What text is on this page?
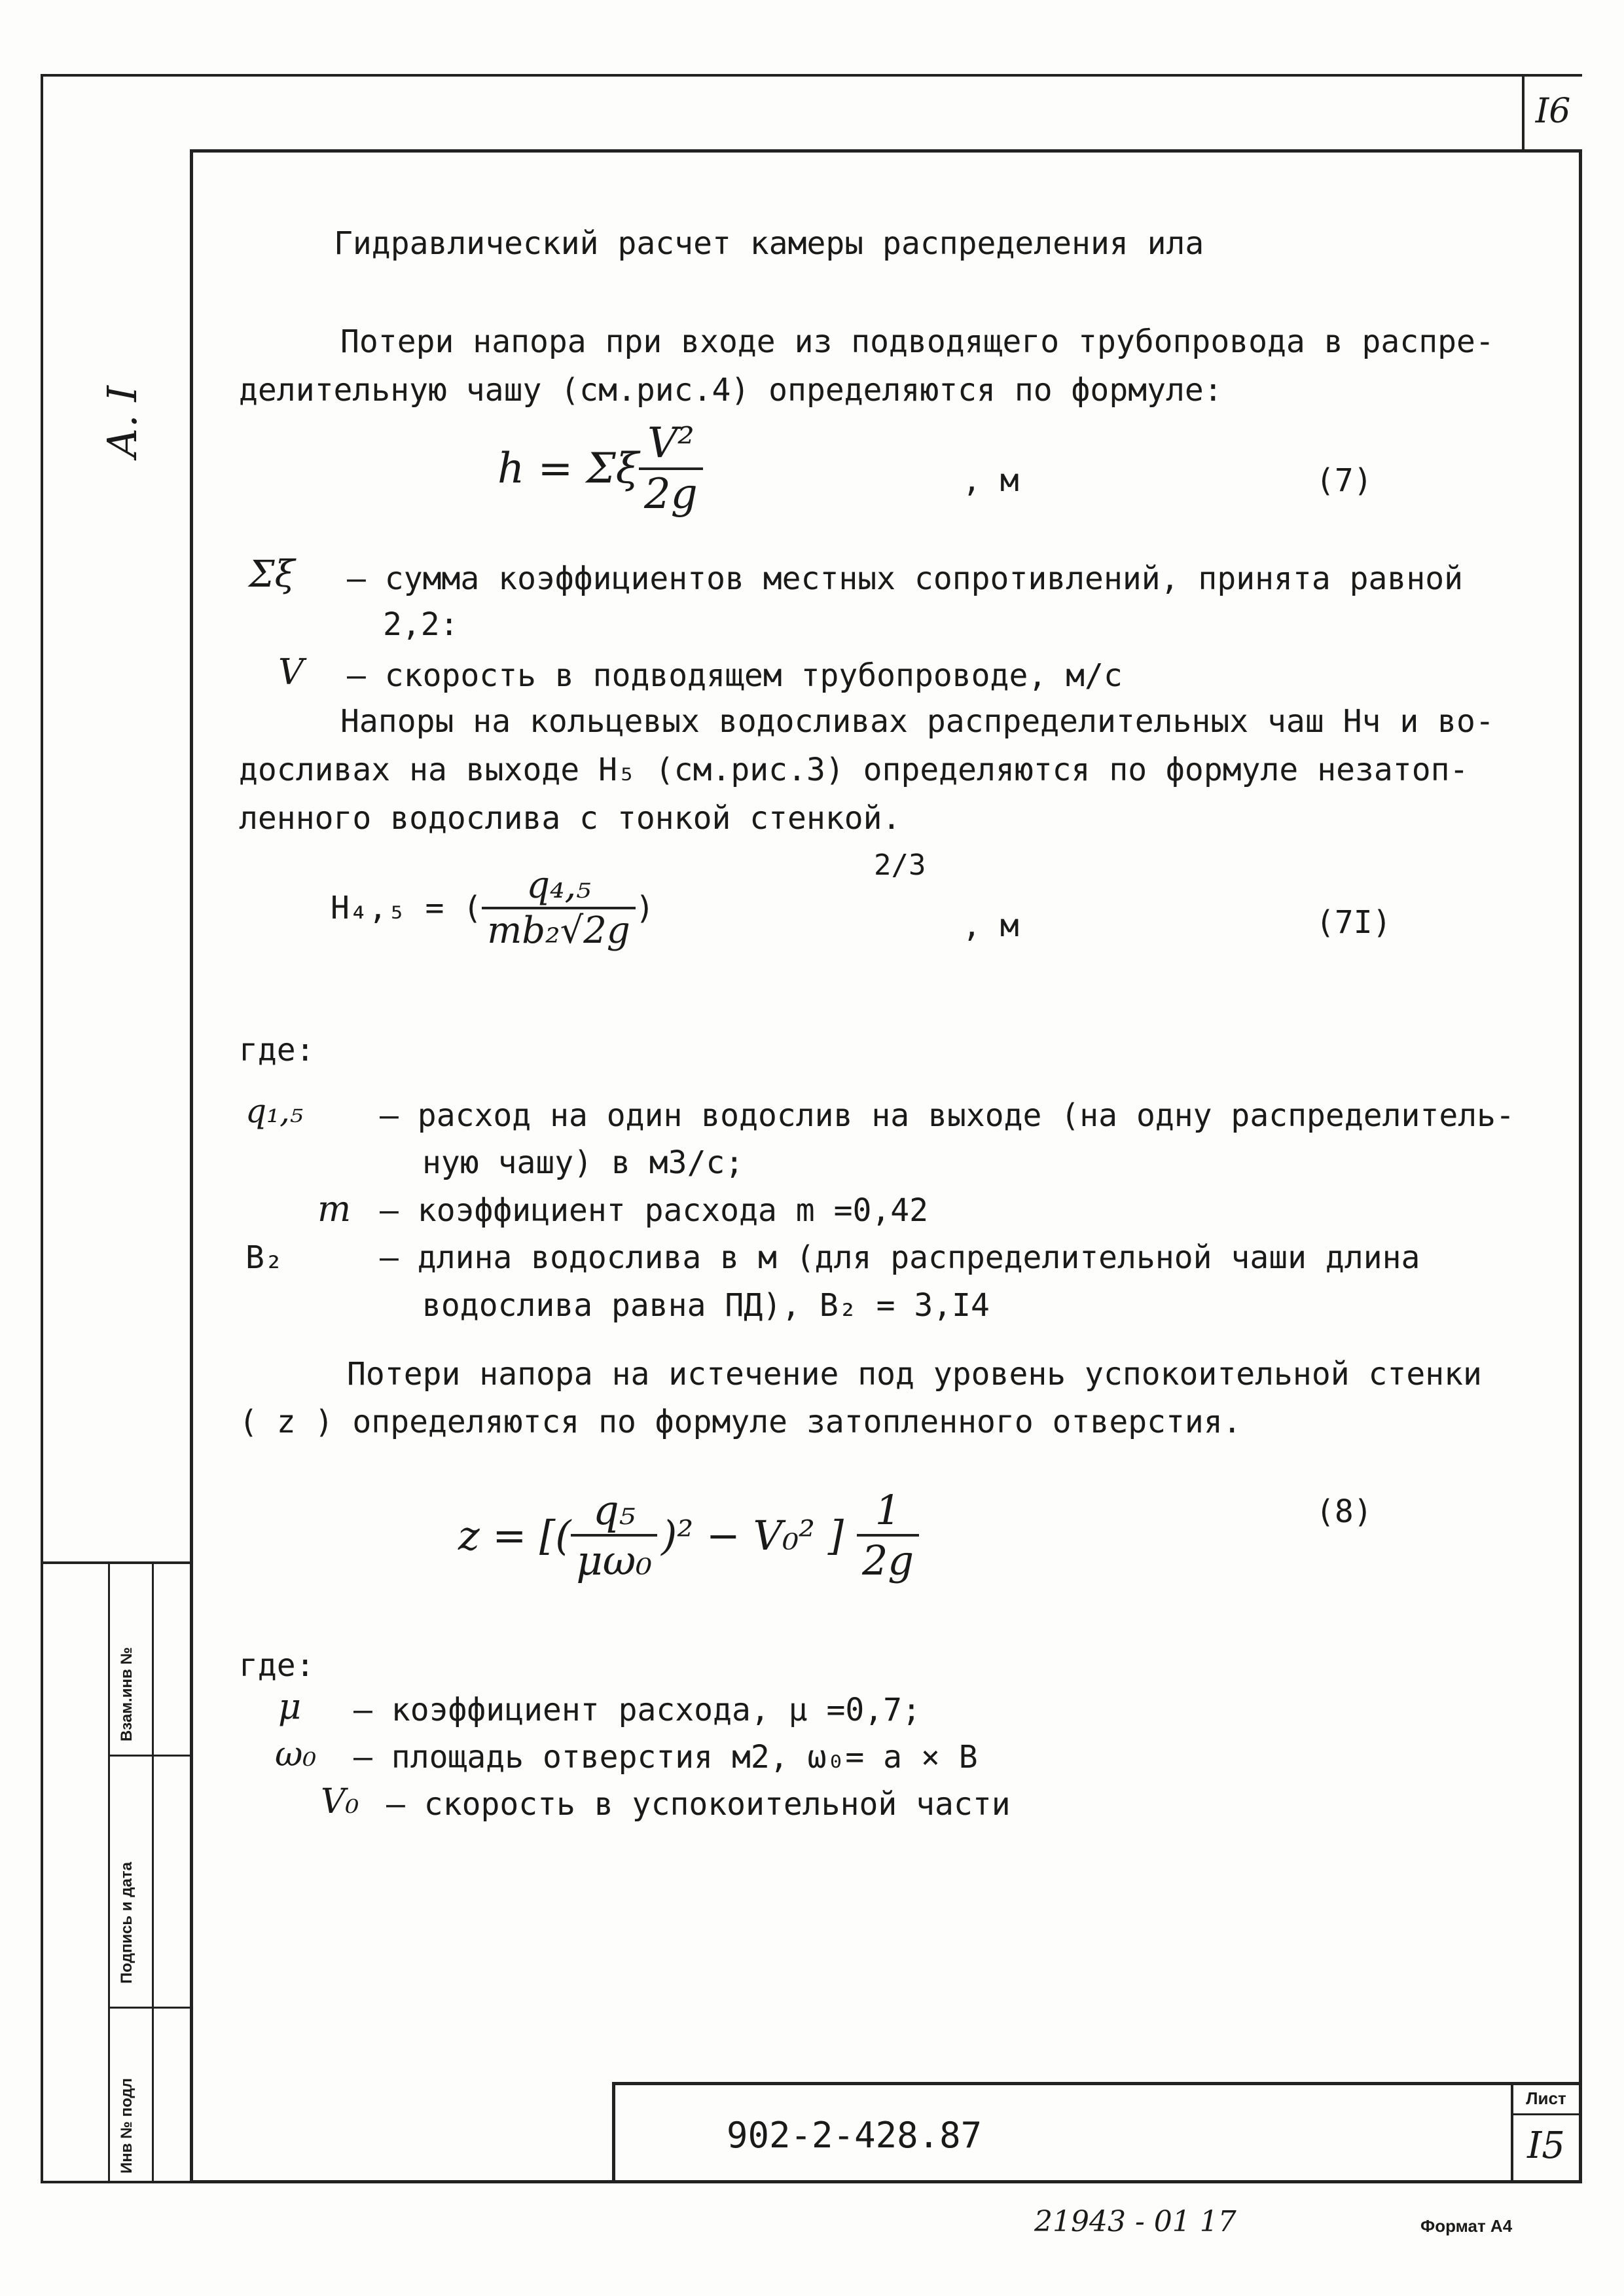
I6
А. I
Гидравлический расчет камеры распределения ила
Потери напора при входе из подводящего трубопровода в распре-
делительную чашу (см.рис.4) определяются по формуле:
h = Σξ $\frac{\text{V²}}{2g}$	, м	(7)
Σξ – сумма коэффициентов местных сопротивлений, принята равной
2,2:
V – скорость в подводящем трубопроводе, м/с
Напоры на кольцевых водосливах распределительных чаш Нч и во-
досливах на выходе Н₅ (см.рис.3) определяются по формуле незатоп-
ленного водослива с тонкой стенкой.
Н₄,₅ = ( $\frac{\text{q₄,₅}}{\text{mb₂√2g}}$ )
2/3
, м	(7I)
где:
q₁,₅ – расход на один водослив на выходе (на одну распределитель-
ную чашу) в м3/с;
m – коэффициент расхода m =0,42
В₂	– длина водослива в м (для распределительной чаши длина
водослива равна ПД), В₂ = 3,I4
Потери напора на истечение под уровень успокоительной стенки
( z ) определяются по формуле затопленного отверстия.
z = [( $\frac{\text{q₅}}{\text{μω₀}} )^2 - V_0^2$ ] $\frac{1}{2g}$	(8)
где:
μ – коэффициент расхода, μ =0,7;
ω₀ – площадь отверстия м2, ω₀= a × B
V₀ – скорость в успокоительной части
Взам.инв №
Подпись и дата
Инв № подл	Лист
I5
902-2-428.87
21943 - 01 17	Формат А4
